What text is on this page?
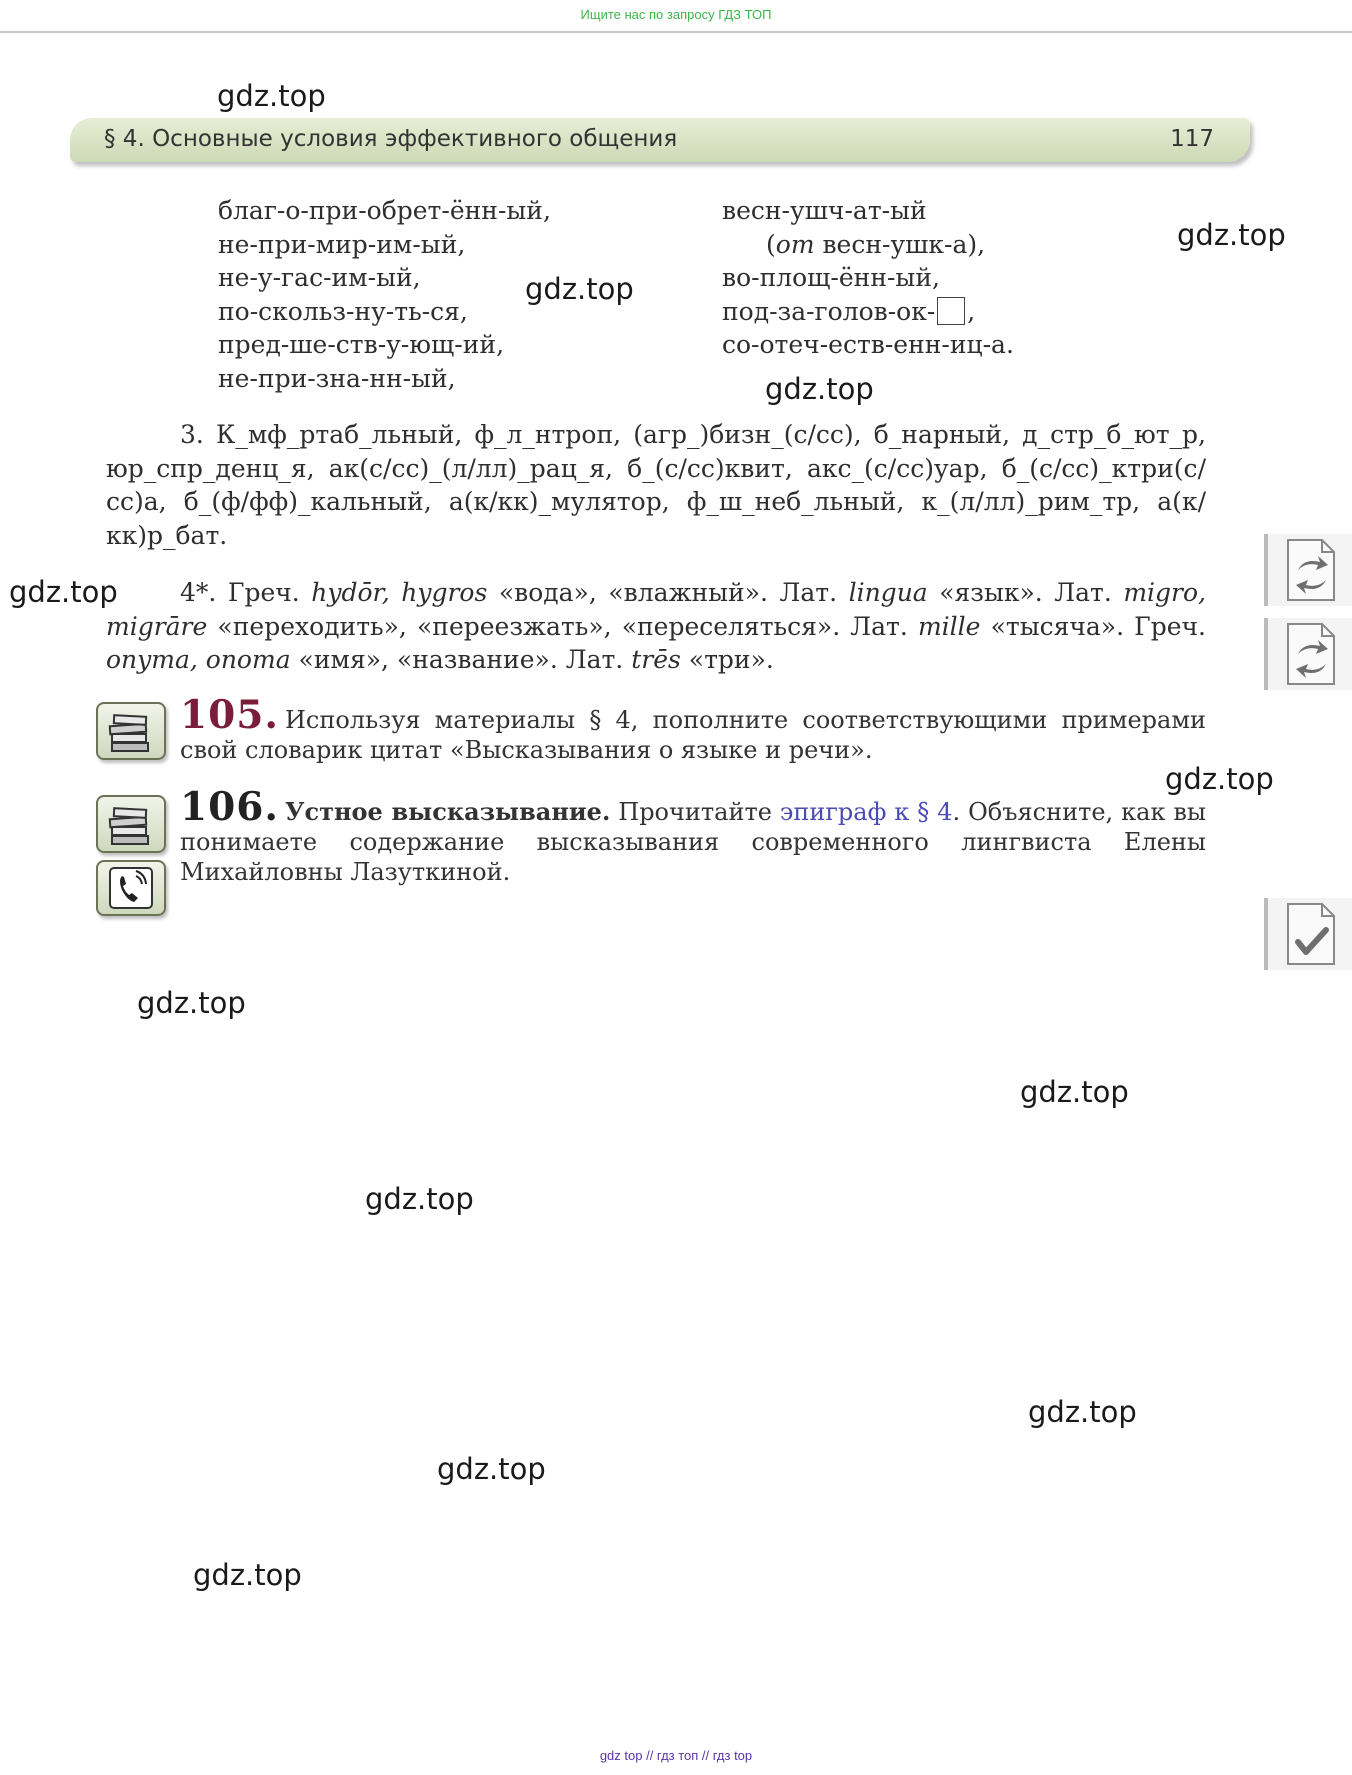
Ищите нас по запросу ГДЗ ТОП
gdz.top
gdz.top
gdz.top
gdz.top
gdz.top
gdz.top
gdz.top
gdz.top
gdz.top
gdz.top
gdz.top
gdz.top
§ 4. Основные условия эффективного общения	117
благ-о-при-обрет-ённ-ый,
не-при-мир-им-ый,
не-у-гас-им-ый,
по-скольз-ну-ть-ся,
пред-ше-ств-у-ющ-ий,
не-при-зна-нн-ый,
весн-ушч-ат-ый
(от весн-ушк-а),
во-площ-ённ-ый,
под-за-голов-ок- ,
со-отеч-еств-енн-иц-а.
3. К_мф_ртаб_льный, ф_л_нтроп, (агр_)бизн_(с/сс), б_нарный, д_стр_б_ют_р, юр_спр_денц_я, ак(с/сс)_(л/лл)_рац_я, б_(с/сс)квит, акс_(с/сс)уар, б_(с/сс)_ктри(с/сс)а, б_(ф/фф)_кальный, а(к/кк)_мулятор, ф_ш_неб_льный, к_(л/лл)_рим_тр, а(к/кк)р_бат.
4*. Греч. hydōr, hygros «вода», «влажный». Лат. lingua «язык». Лат. migro, migrāre «переходить», «переезжать», «переселяться». Лат. mille «тысяча». Греч. onyma, onoma «имя», «название». Лат. trēs «три».
105. Используя материалы § 4, пополните соответствующими примерами свой словарик цитат «Высказывания о языке и речи».
106. Устное высказывание. Прочитайте эпиграф к § 4. Объясните, как вы понимаете содержание высказывания современного лингвиста Елены Михайловны Лазуткиной.
gdz top // гдз топ // гдз top
